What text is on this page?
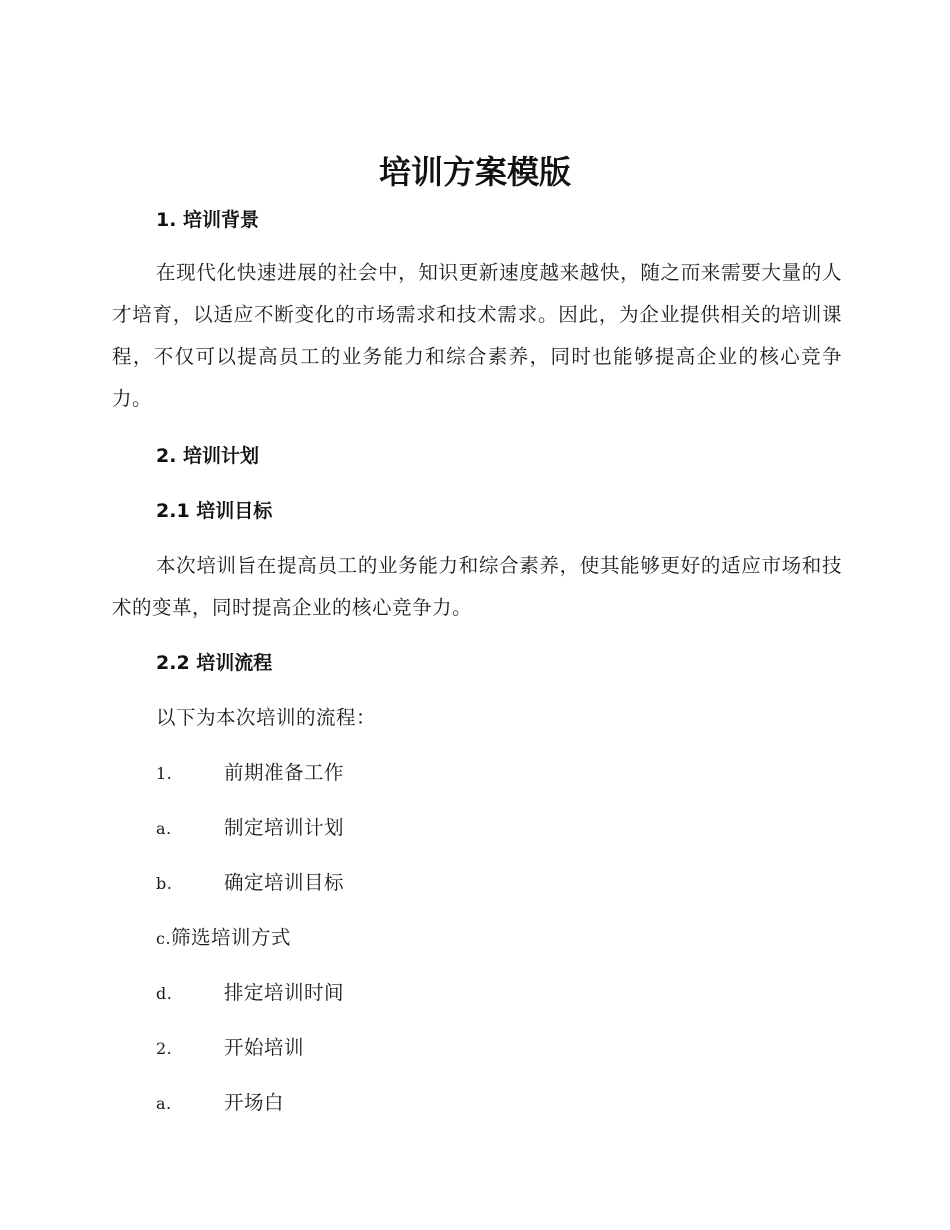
培训方案模版
1. 培训背景
在现代化快速进展的社会中，知识更新速度越来越快，随之而来需要大量的人才培育，以适应不断变化的市场需求和技术需求。因此，为企业提供相关的培训课程，不仅可以提高员工的业务能力和综合素养，同时也能够提高企业的核心竞争力。
2. 培训计划
2.1 培训目标
本次培训旨在提高员工的业务能力和综合素养，使其能够更好的适应市场和技术的变革，同时提高企业的核心竞争力。
2.2 培训流程
以下为本次培训的流程：
1.	前期准备工作
a.	制定培训计划
b.	确定培训目标
c.筛选培训方式
d.	排定培训时间
2.	开始培训
a.	开场白
